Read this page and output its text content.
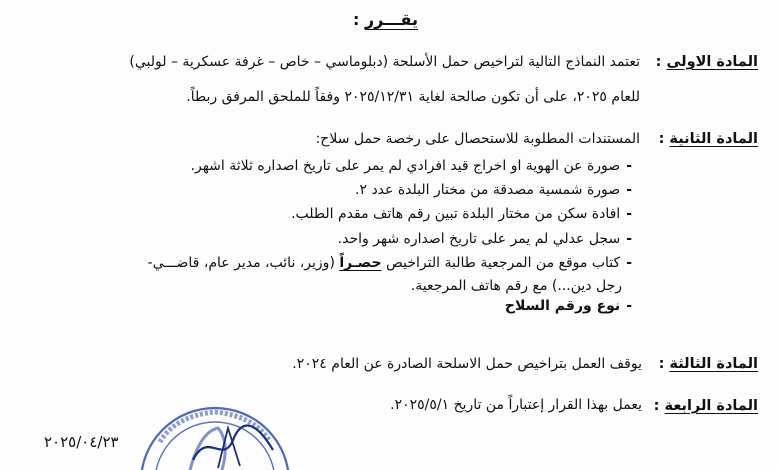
يقـــرر :
المادة الاولى :
تعتمد النماذج التالية لتراخيص حمل الأسلحة (دبلوماسي – خاص – غرفة عسكرية – لولبي)
للعام ٢٠٢٥، على أن تكون صالحة لغاية ٢٠٢٥/١٢/٣١ وفقاً للملحق المرفق ربطاً.
المادة الثانية :
المستندات المطلوبة للاستحصال على رخصة حمل سلاح:
-صورة عن الهوية او اخراج قيد افرادي لم يمر على تاريخ اصداره ثلاثة اشهر.
-صورة شمسية مصدقة من مختار البلدة عدد ٢.
-افادة سكن من مختار البلدة تبين رقم هاتف مقدم الطلب.
-سجل عدلي لم يمر على تاريخ اصداره شهر واحد.
-كتاب موقع من المرجعية طالبة التراخيص حصـراً (وزير، نائب، مدير عام، قاضـــي-
رجل دين...) مع رقم هاتف المرجعية.
-نوع ورقم السلاح
المادة الثالثة :
يوقف العمل بتراخيص حمل الاسلحة الصادرة عن العام ٢٠٢٤.
المادة الرابعة :
يعمل بهذا القرار إعتباراً من تاريخ ٢٠٢٥/٥/١.
٢٠٢٥/٠٤/٢٣
